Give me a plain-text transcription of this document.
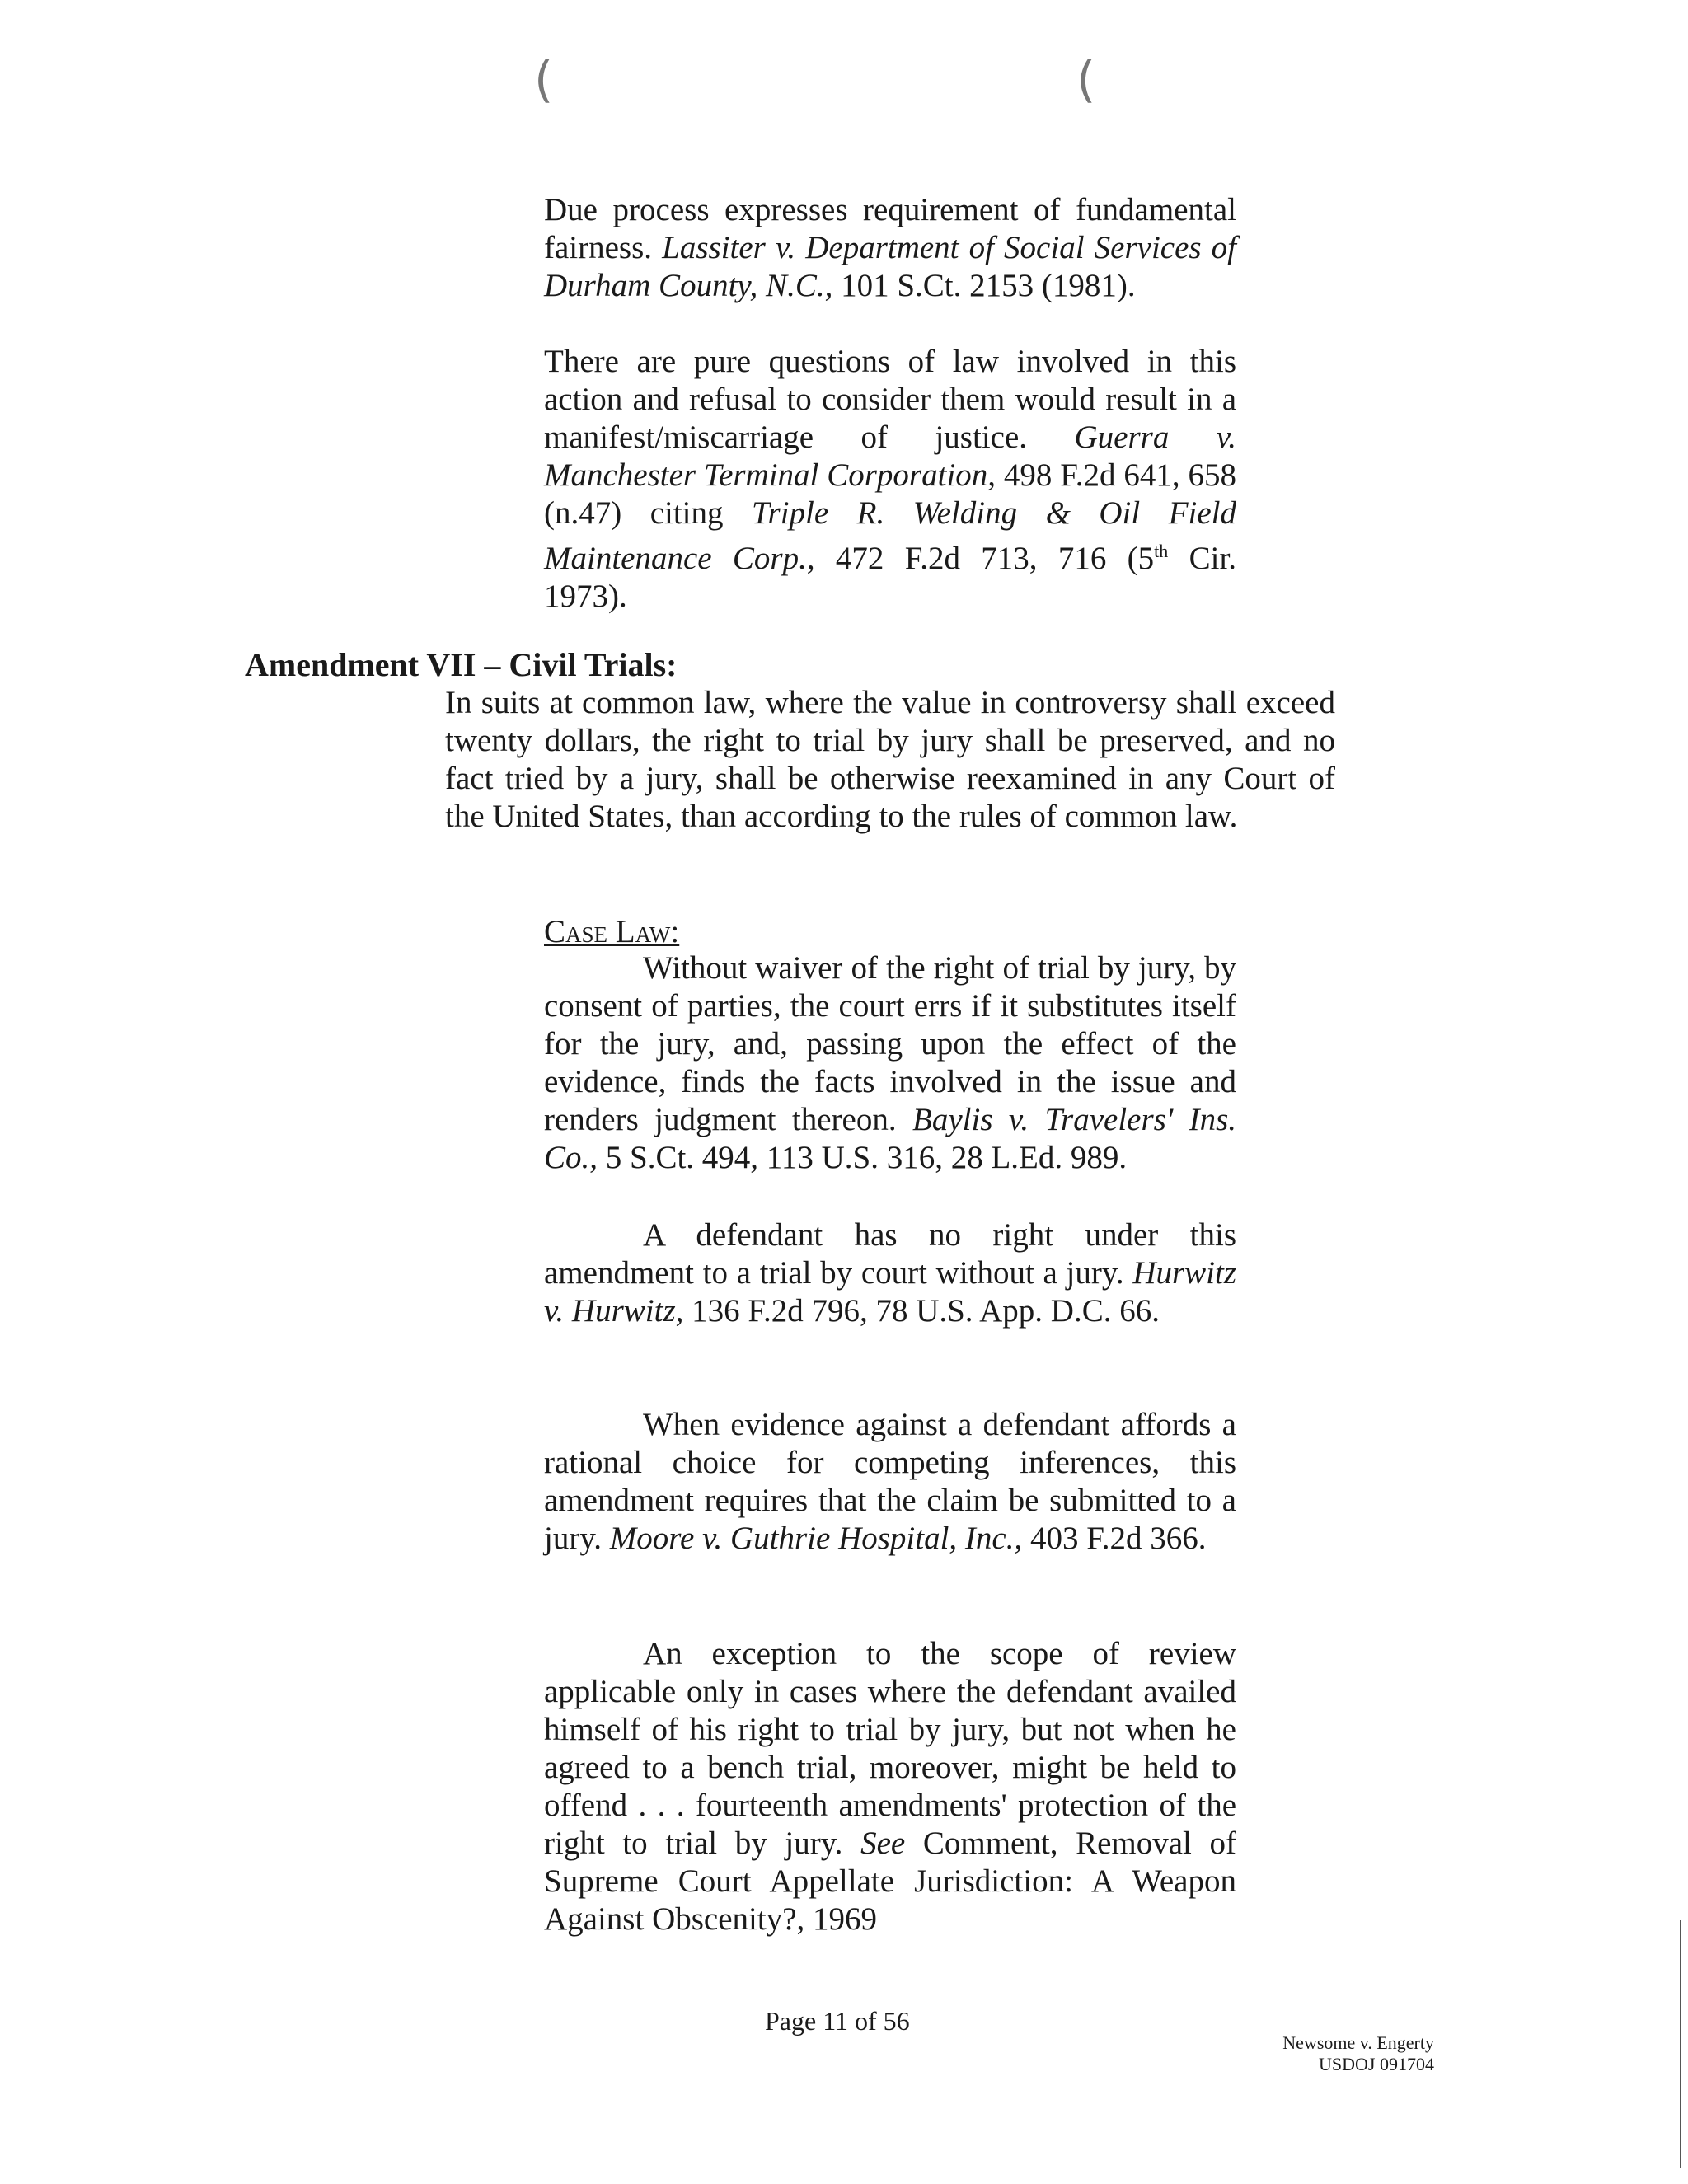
(	(

Due process expresses requirement of fundamental fairness. Lassiter v. Department of Social Services of Durham County, N.C., 101 S.Ct. 2153 (1981).

There are pure questions of law involved in this action and refusal to consider them would result in a manifest/miscarriage of justice. Guerra v. Manchester Terminal Corporation, 498 F.2d 641, 658 (n.47) citing Triple R. Welding & Oil Field Maintenance Corp., 472 F.2d 713, 716 (5th Cir. 1973).

Amendment VII – Civil Trials:
In suits at common law, where the value in controversy shall exceed twenty dollars, the right to trial by jury shall be preserved, and no fact tried by a jury, shall be otherwise reexamined in any Court of the United States, than according to the rules of common law.
Case Law:

Without waiver of the right of trial by jury, by consent of parties, the court errs if it substitutes itself for the jury, and, passing upon the effect of the evidence, finds the facts involved in the issue and renders judgment thereon. Baylis v. Travelers' Ins. Co., 5 S.Ct. 494, 113 U.S. 316, 28 L.Ed. 989.

A defendant has no right under this amendment to a trial by court without a jury. Hurwitz v. Hurwitz, 136 F.2d 796, 78 U.S. App. D.C. 66.

When evidence against a defendant affords a rational choice for competing inferences, this amendment requires that the claim be submitted to a jury. Moore v. Guthrie Hospital, Inc., 403 F.2d 366.

An exception to the scope of review applicable only in cases where the defendant availed himself of his right to trial by jury, but not when he agreed to a bench trial, moreover, might be held to offend . . . fourteenth amendments' protection of the right to trial by jury. See Comment, Removal of Supreme Court Appellate Jurisdiction: A Weapon Against Obscenity?, 1969

Page 11 of 56
Newsome v. Engerty
USDOJ 091704
